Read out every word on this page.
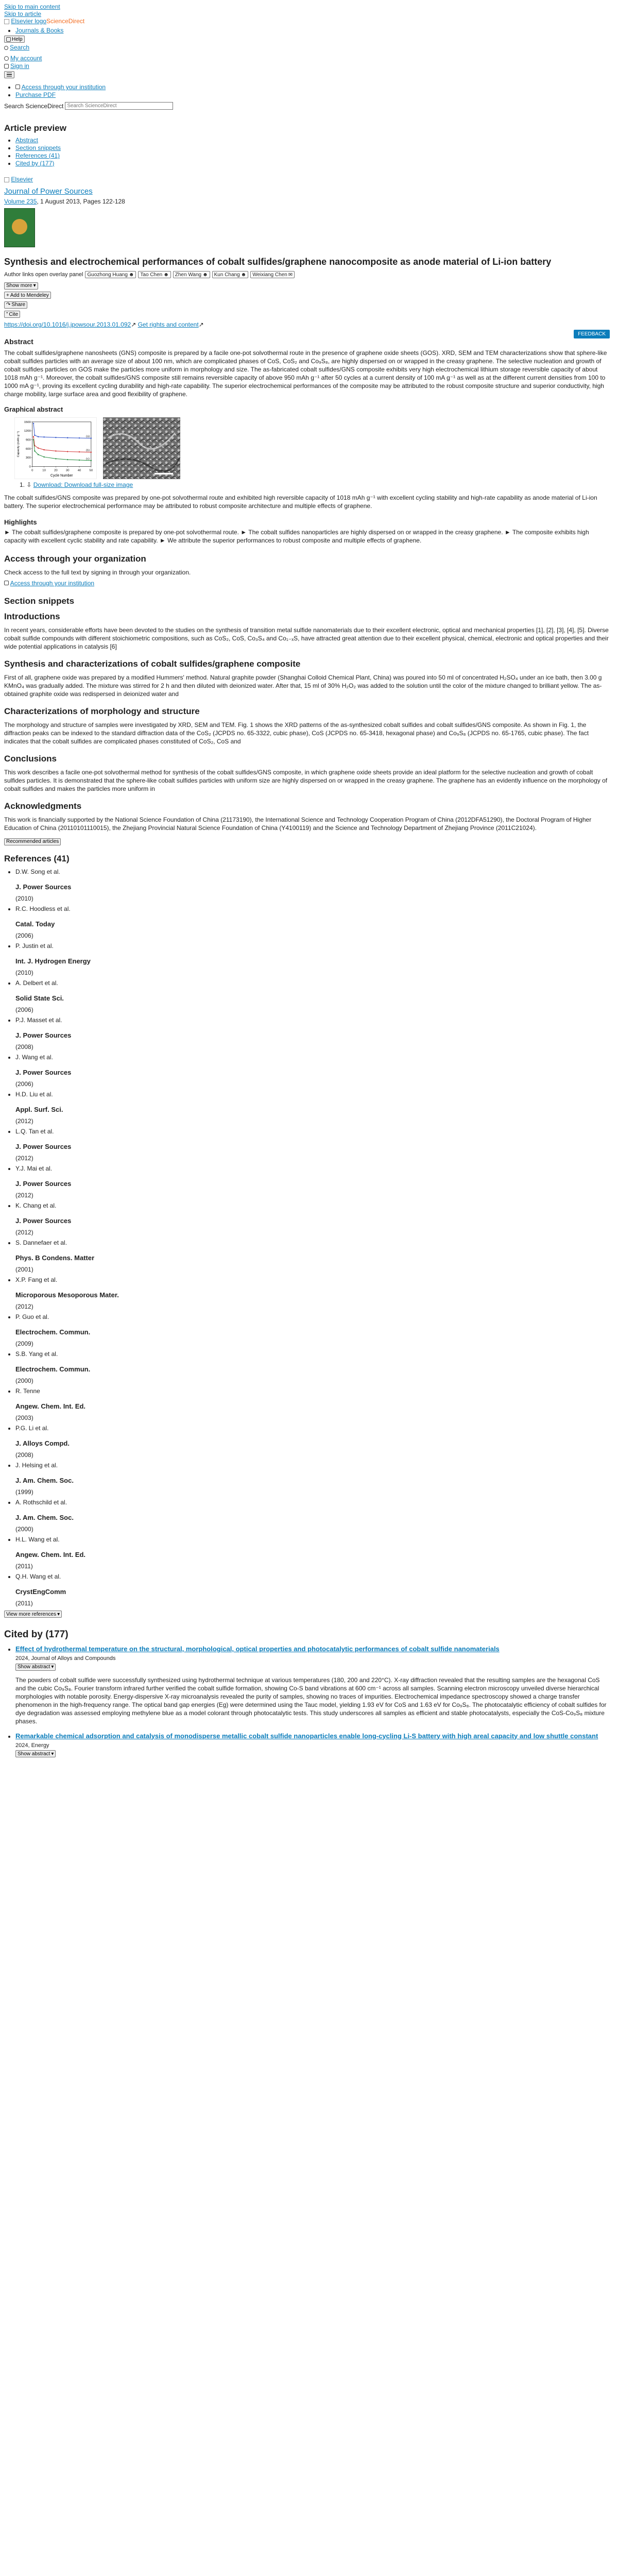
Skip to main content
Skip to article
Elsevier logoScienceDirect
• Journals & Books
Help
Search
My account
Sign in
• Access through your institution
• Purchase PDF
Search ScienceDirect
Search ScienceDirect
Article preview
• Abstract
• Section snippets
• References (41)
• Cited by (177)
Elsevier
Journal of Power Sources
Volume 235, 1 August 2013, Pages 122-128
Synthesis and electrochemical performances of cobalt sulfides/graphene nanocomposite as anode material of Li-ion battery
Author links open overlay panel Guozhong Huang ☻ Tao Chen ☻ Zhen Wang ☻ Kun Chang ☻ Weixiang Chen ✉
FEEDBACK
Show more ▾
+ Add to Mendeley
↷ Share
” Cite
https://doi.org/10.1016/j.jpowsour.2013.01.092↗ Get rights and content↗
Abstract

The cobalt sulfides/graphene nanosheets (GNS) composite is prepared by a facile one-pot solvothermal route in the presence of graphene oxide sheets (GOS). XRD, SEM and TEM characterizations show that sphere-like cobalt sulfides particles with an average size of about 100 nm, which are complicated phases of CoS, CoS₂ and Co₉S₈, are highly dispersed on or wrapped in the creasy graphene. The selective nucleation and growth of cobalt sulfides particles on GOS make the particles more uniform in morphology and size. The as-fabricated cobalt sulfides/GNS composite exhibits very high electrochemical lithium storage reversible capacity of about 1018 mAh g⁻¹. Moreover, the cobalt sulfides/GNS composite still remains reversible capacity of above 950 mAh g⁻¹ after 50 cycles at a current density of 100 mA g⁻¹ as well as at the different current densities from 100 to 1000 mA g⁻¹, proving its excellent cycling durability and high-rate capability. The superior electrochemical performances of the composite may be attributed to the robust composite structure and superior conductivity, high charge mobility, large surface area and good flexibility of graphene.

Graphical abstract
0	10	20	30	40	50
0
300
600
900
1200
1500
Cycle Number
Capacity (mAh g⁻¹)	(a)
(b)
(c)
1. ⇩ Download: Download full-size image

The cobalt sulfides/GNS composite was prepared by one-pot solvothermal route and exhibited high reversible capacity of 1018 mAh g⁻¹ with excellent cycling stability and high-rate capability as anode material of Li-ion battery. The superior electrochemical performance may be attributed to robust composite architecture and multiple effects of graphene.

Highlights

► The cobalt sulfides/graphene composite is prepared by one-pot solvothermal route. ► The cobalt sulfides nanoparticles are highly dispersed on or wrapped in the creasy graphene. ► The composite exhibits high capacity with excellent cyclic stability and rate capability. ► We attribute the superior performances to robust composite and multiple effects of graphene.

Access through your organization

Check access to the full text by signing in through your organization.

Access through your institution
Section snippets
Introductions

In recent years, considerable efforts have been devoted to the studies on the synthesis of transition metal sulfide nanomaterials due to their excellent electronic, optical and mechanical properties [1], [2], [3], [4], [5]. Diverse cobalt sulfide compounds with different stoichiometric compositions, such as CoS₂, CoS, Co₃S₄ and Co₁₋ₓS, have attracted great attention due to their excellent physical, chemical, electronic and optical properties and their wide potential applications in catalysis [6]

Synthesis and characterizations of cobalt sulfides/graphene composite

First of all, graphene oxide was prepared by a modified Hummers' method. Natural graphite powder (Shanghai Colloid Chemical Plant, China) was poured into 50 ml of concentrated H₂SO₄ under an ice bath, then 3.00 g KMnO₄ was gradually added. The mixture was stirred for 2 h and then diluted with deionized water. After that, 15 ml of 30% H₂O₂ was added to the solution until the color of the mixture changed to brilliant yellow. The as-obtained graphite oxide was redispersed in deionized water and

Characterizations of morphology and structure

The morphology and structure of samples were investigated by XRD, SEM and TEM. Fig. 1 shows the XRD patterns of the as-synthesized cobalt sulfides and cobalt sulfides/GNS composite. As shown in Fig. 1, the diffraction peaks can be indexed to the standard diffraction data of the CoS₂ (JCPDS no. 65-3322, cubic phase), CoS (JCPDS no. 65-3418, hexagonal phase) and Co₉S₈ (JCPDS no. 65-1765, cubic phase). The fact indicates that the cobalt sulfides are complicated phases constituted of CoS₂, CoS and

Conclusions

This work describes a facile one-pot solvothermal method for synthesis of the cobalt sulfides/GNS composite, in which graphene oxide sheets provide an ideal platform for the selective nucleation and growth of cobalt sulfides particles. It is demonstrated that the sphere-like cobalt sulfides particles with uniform size are highly dispersed on or wrapped in the creasy graphene. The graphene has an evidently influence on the morphology of cobalt sulfides and makes the particles more uniform in

Acknowledgments

This work is financially supported by the National Science Foundation of China (21173190), the International Science and Technology Cooperation Program of China (2012DFA51290), the Doctoral Program of Higher Education of China (20110101110015), the Zhejiang Provincial Natural Science Foundation of China (Y4100119) and the Science and Technology Department of Zhejiang Province (2011C21024).

Recommended articles
References (41)
• D.W. Song et al.
J. Power Sources
(2010)
• R.C. Hoodless et al.
Catal. Today
(2006)
• P. Justin et al.
Int. J. Hydrogen Energy
(2010)
• A. Delbert et al.
Solid State Sci.
(2006)
• P.J. Masset et al.
J. Power Sources
(2008)
• J. Wang et al.
J. Power Sources
(2006)
• H.D. Liu et al.
Appl. Surf. Sci.
(2012)
• L.Q. Tan et al.
J. Power Sources
(2012)
• Y.J. Mai et al.
J. Power Sources
(2012)
• K. Chang et al.
J. Power Sources
(2012)
• S. Dannefaer et al.
Phys. B Condens. Matter
(2001)
• X.P. Fang et al.
Microporous Mesoporous Mater.
(2012)
• P. Guo et al.
Electrochem. Commun.
(2009)
• S.B. Yang et al.
Electrochem. Commun.
(2000)
• R. Tenne
Angew. Chem. Int. Ed.
(2003)
• P.G. Li et al.
J. Alloys Compd.
(2008)
• J. Helsing et al.
J. Am. Chem. Soc.
(1999)
• A. Rothschild et al.
J. Am. Chem. Soc.
(2000)
• H.L. Wang et al.
Angew. Chem. Int. Ed.
(2011)
• Q.H. Wang et al.
CrystEngComm
(2011)
View more references ▾
Cited by (177)
• Effect of hydrothermal temperature on the structural, morphological, optical properties and photocatalytic performances of cobalt sulfide nanomaterials
2024, Journal of Alloys and Compounds
Show abstract ▾

The powders of cobalt sulfide were successfully synthesized using hydrothermal technique at various temperatures (180, 200 and 220°C). X-ray diffraction revealed that the resulting samples are the hexagonal CoS and the cubic Co₉S₈. Fourier transform infrared further verified the cobalt sulfide formation, showing Co-S band vibrations at 600 cm⁻¹ across all samples. Scanning electron microscopy unveiled diverse hierarchical morphologies with notable porosity. Energy-dispersive X-ray microanalysis revealed the purity of samples, showing no traces of impurities. Electrochemical impedance spectroscopy showed a charge transfer phenomenon in the high-frequency range. The optical band gap energies (Eg) were determined using the Tauc model, yielding 1.93 eV for CoS and 1.63 eV for Co₉S₈. The photocatalytic efficiency of cobalt sulfides for dye degradation was assessed employing methylene blue as a model colorant through photocatalytic tests. This study underscores all samples as efficient and stable photocatalysts, especially the CoS-Co₉S₈ mixture phases.

• Remarkable chemical adsorption and catalysis of monodisperse metallic cobalt sulfide nanoparticles enable long-cycling Li-S battery with high areal capacity and low shuttle constant
2024, Energy
Show abstract ▾
